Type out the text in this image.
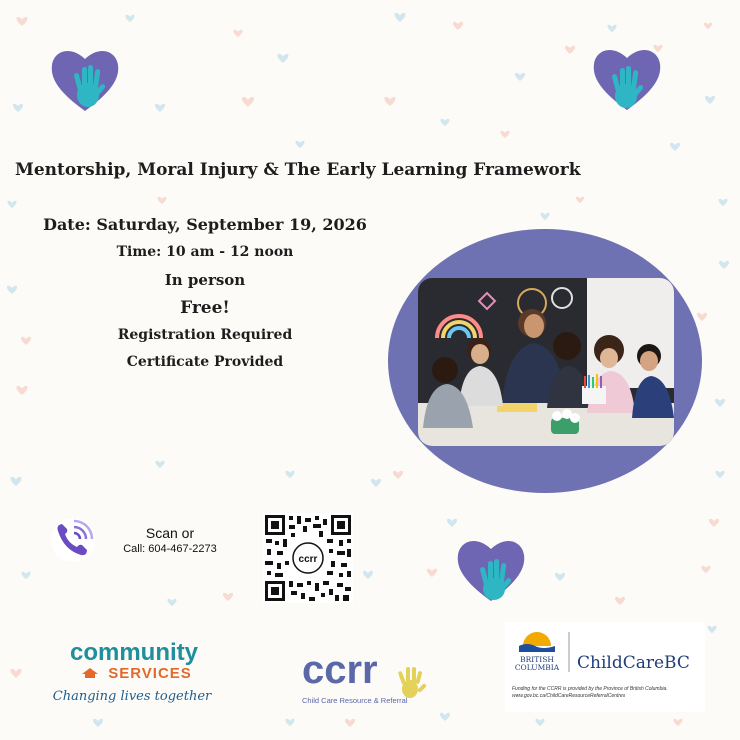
Mentorship, Moral Injury & The Early Learning Framework
Date: Saturday, September 19, 2026
Time: 10 am - 12 noon
In person
Free!
Registration Required
Certificate Provided
Scan or
Call: 604-467-2273
ccrr
community
SERVICES
Changing lives together
ccrr
Child Care Resource & Referral
BRITISH
COLUMBIA ChildCareBC
Funding for the CCRR is provided by the Province of British Columbia.
www.gov.bc.ca/ChildCareResourceReferralCentres
